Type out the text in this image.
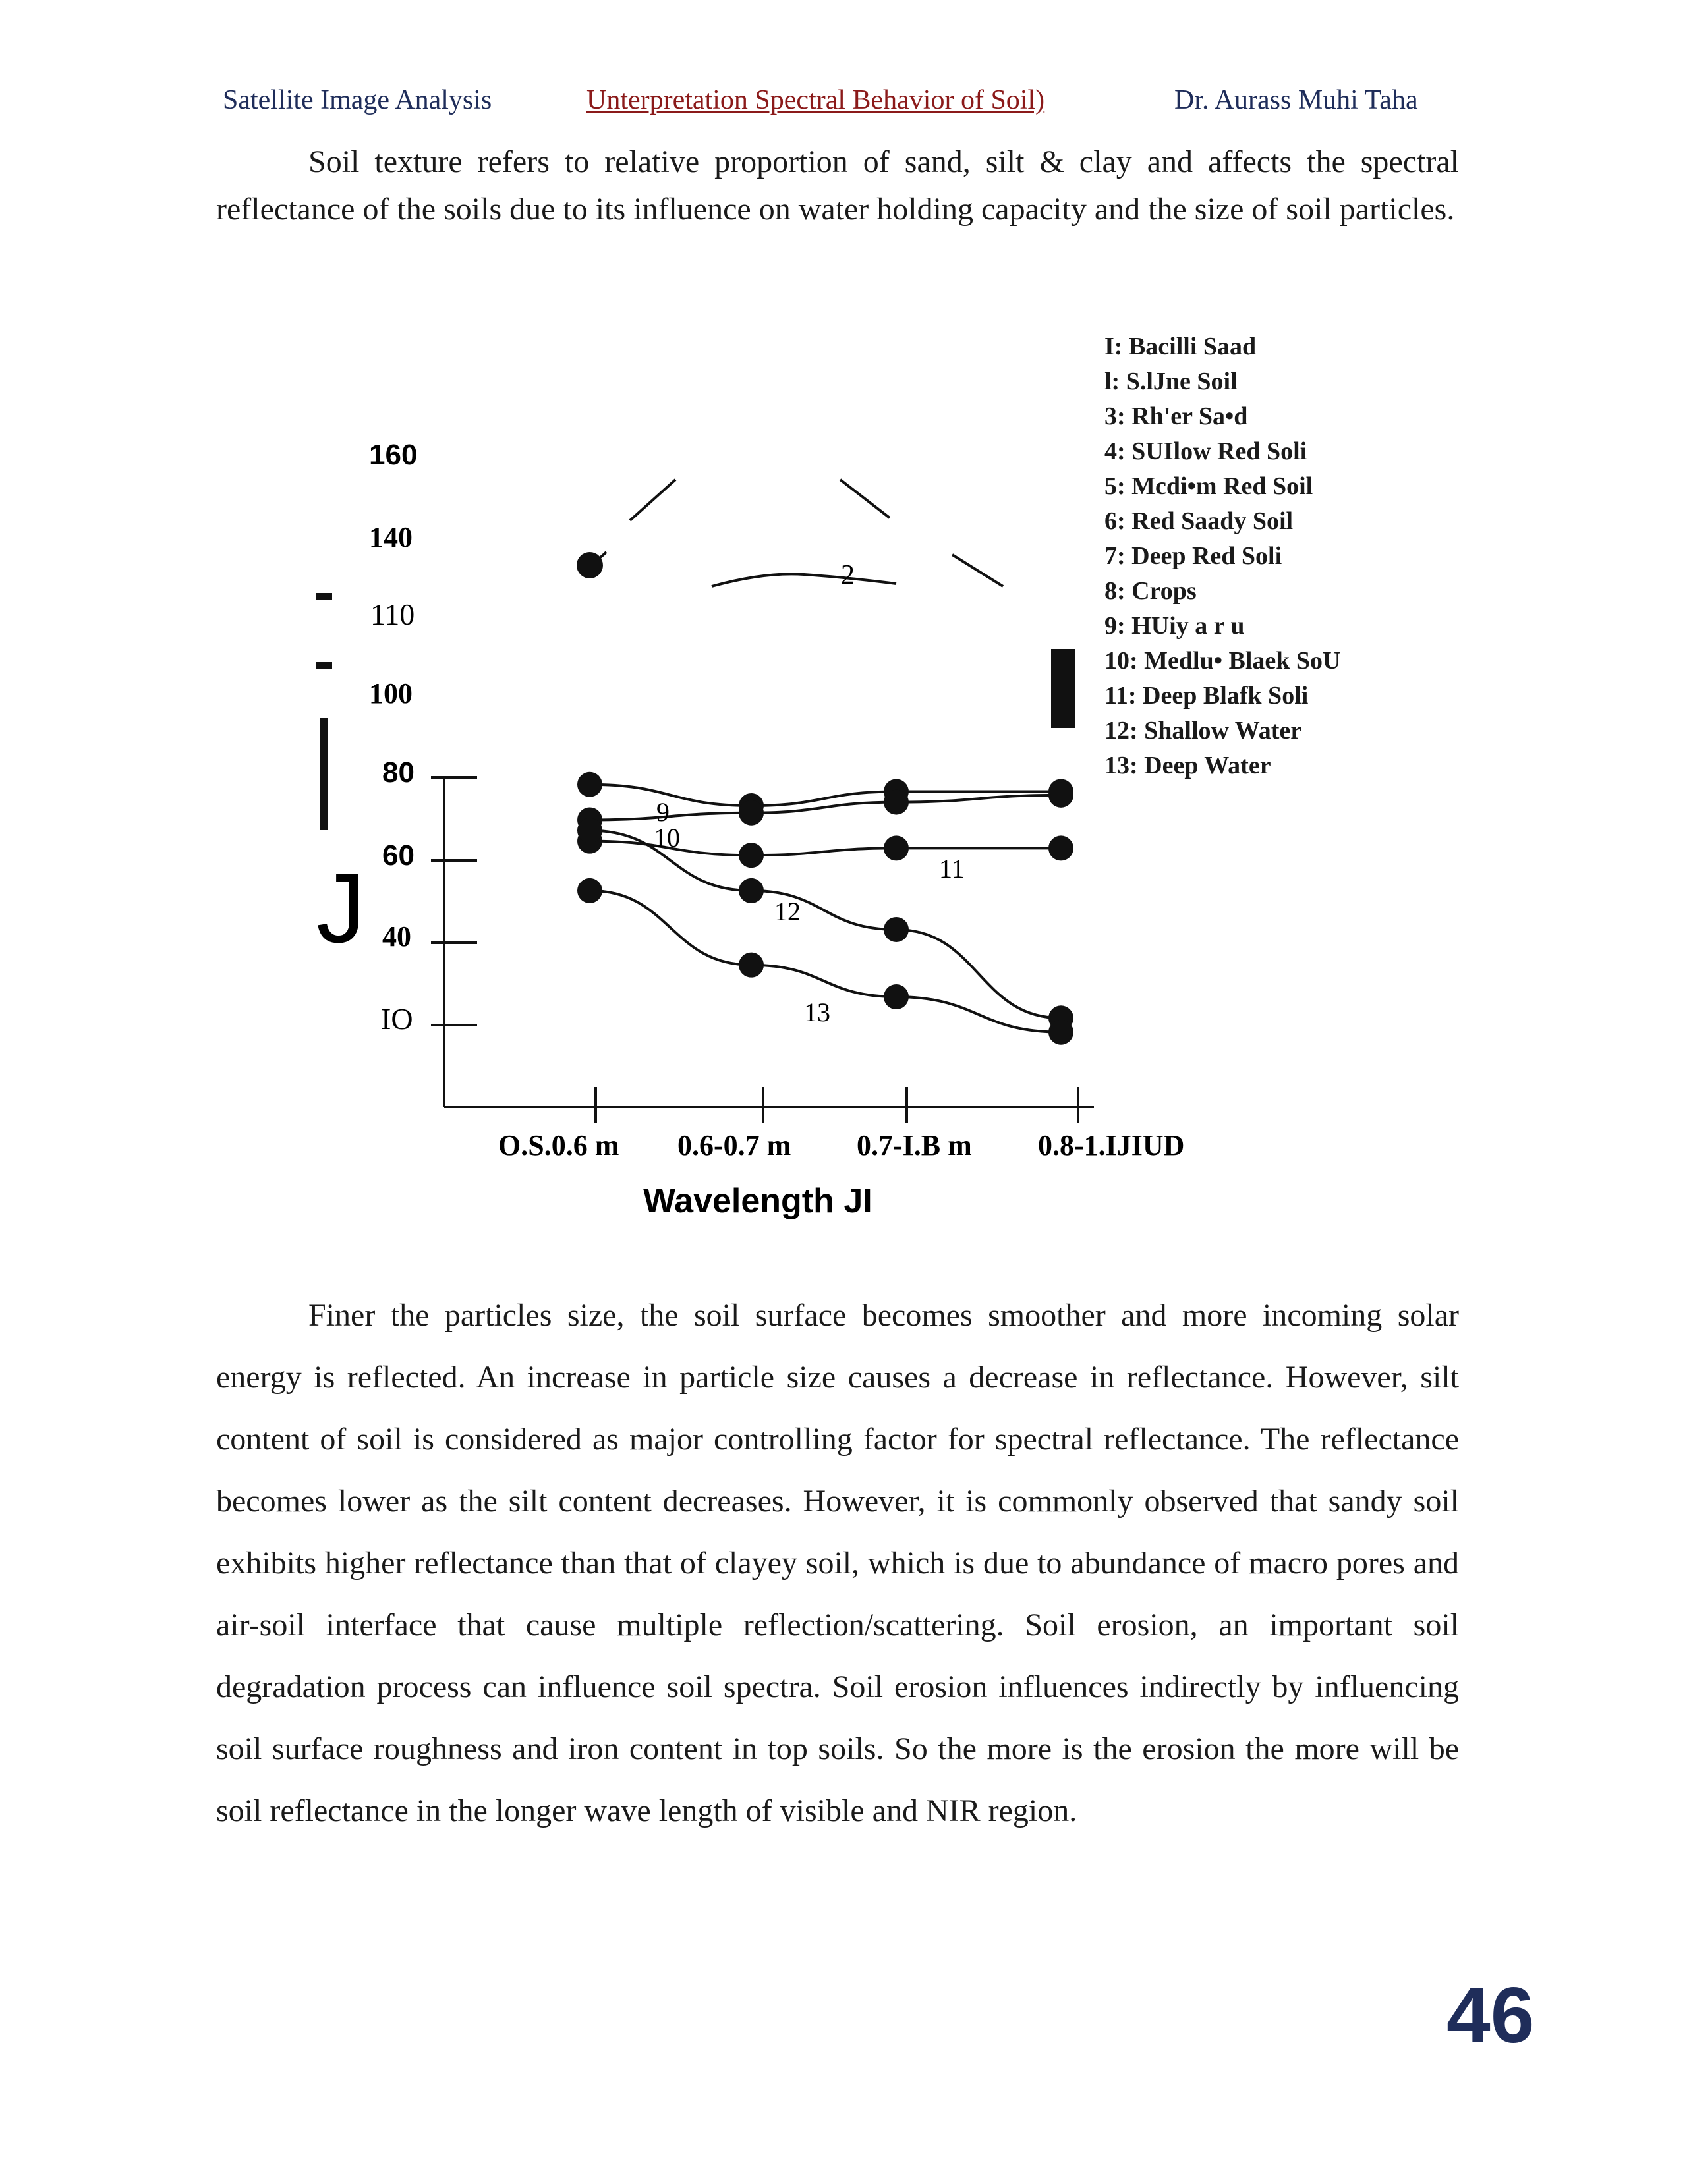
Satellite Image Analysis	Unterpretation Spectral Behavior of Soil)	Dr. Aurass Muhi Taha

Soil texture refers to relative proportion of sand, silt & clay and affects the spectral reflectance of the soils due to its influence on water holding capacity and the size of soil particles.

160
140
110
100
80
60
40
IO
J
O.S.0.6 m 0.6-0.7 m 0.7-I.B m 0.8-1.IJIUD
Wavelength JI
2
9
10
11
12
13
I: Bacilli Saad
l: S.lJne Soil
3: Rh'er Sa•d
4: SUIlow Red Soli
5: Mcdi•m Red Soil
6: Red Saady Soil
7: Deep Red Soli
8: Crops
9: HUiy a r u
10: Medlu• Blaek SoU
11: Deep Blafk Soli
12: Shallow Water
13: Deep Water

Finer the particles size, the soil surface becomes smoother and more incoming solar energy is reflected. An increase in particle size causes a decrease in reflectance. However, silt content of soil is considered as major controlling factor for spectral reflectance. The reflectance becomes lower as the silt content decreases. However, it is commonly observed that sandy soil exhibits higher reflectance than that of clayey soil, which is due to abundance of macro pores and air-soil interface that cause multiple reflection/scattering. Soil erosion, an important soil degradation process can influence soil spectra. Soil erosion influences indirectly by influencing soil surface roughness and iron content in top soils. So the more is the erosion the more will be soil reflectance in the longer wave length of visible and NIR region.

46
